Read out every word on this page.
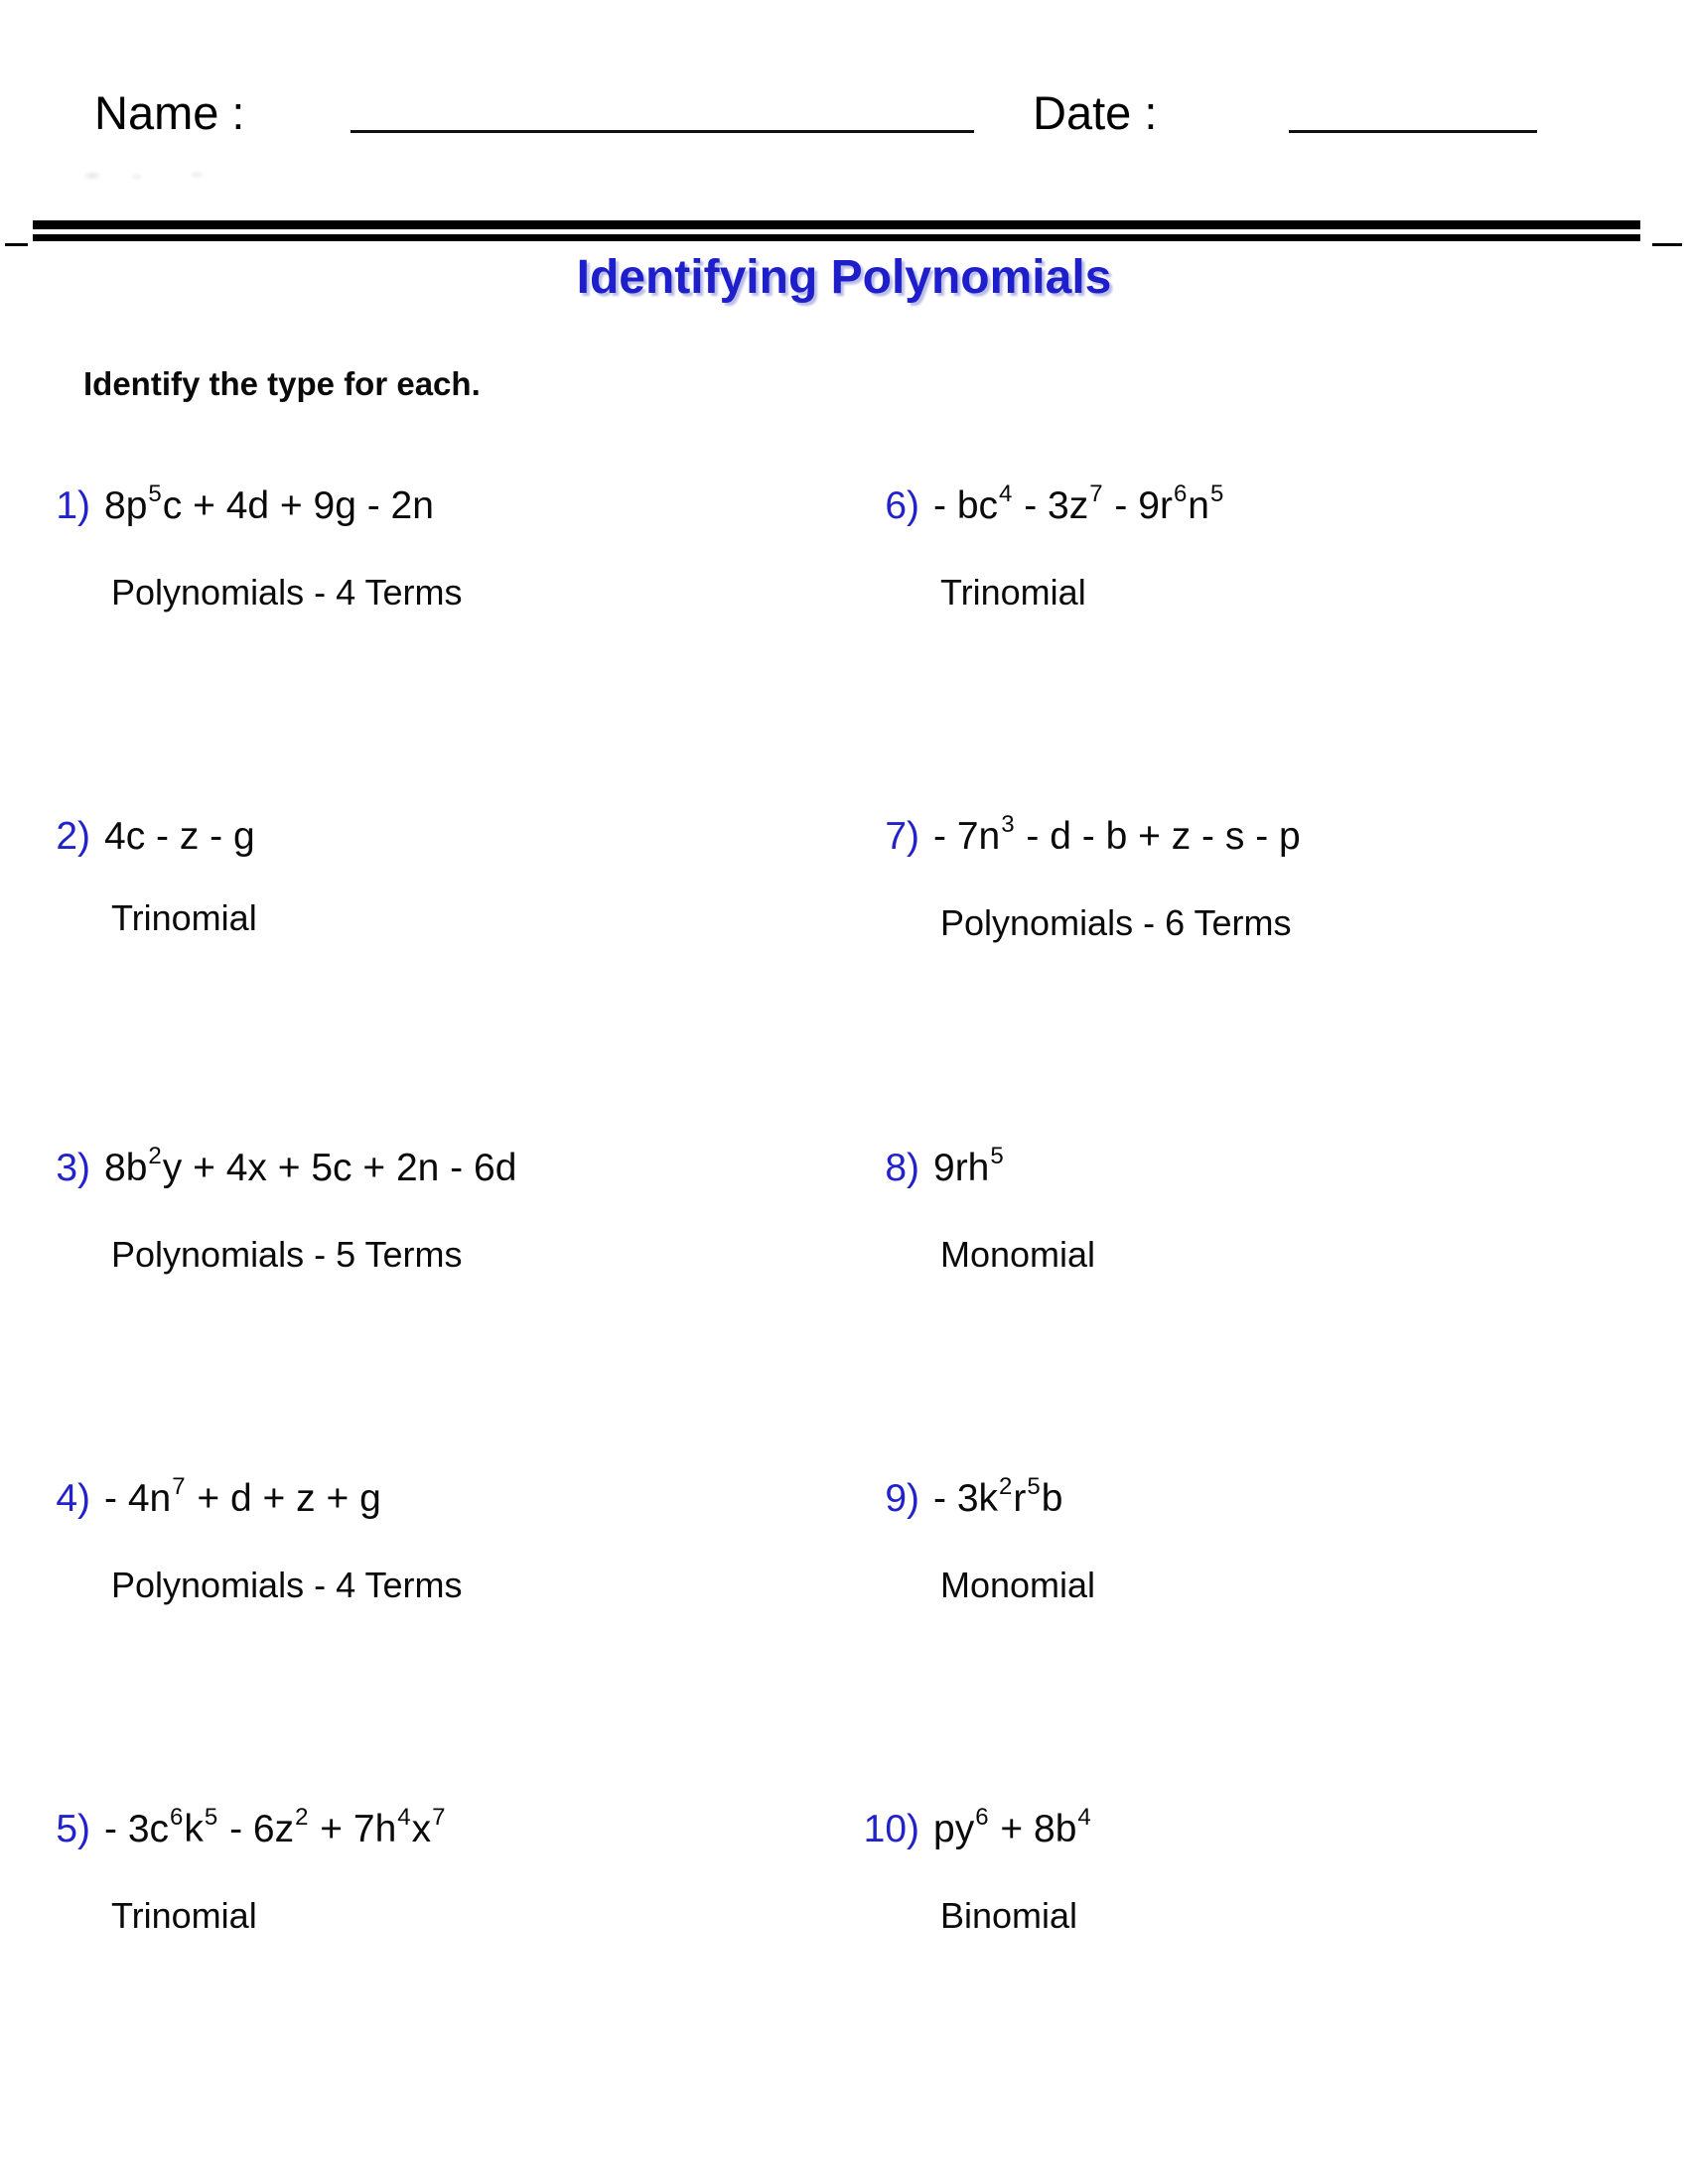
Name :	Date :
Identifying Polynomials
Identify the type for each.
1) $8p^5c + 4d + 9g - 2n$
Polynomials - 4 Terms
2) 4c - z - g
Trinomial
3) $8b^2y + 4x + 5c + 2n - 6d$
Polynomials - 5 Terms
$4) - 4n^7 + d + z + g$
Polynomials - 4 Terms
$5) - 3c^6k^5 - 6z^2 + 7h^4x^7$
Trinomial
$6) - bc^4 - 3z^7 - 9r^6n^5$
Trinomial
$7) - 7n^3 - d - b + z - s - p$
Polynomials - 6 Terms
8) $9rh^5$
Monomial
$9) - 3k^2r^5b$
Monomial
10) $py^6 + 8b^4$
Binomial
